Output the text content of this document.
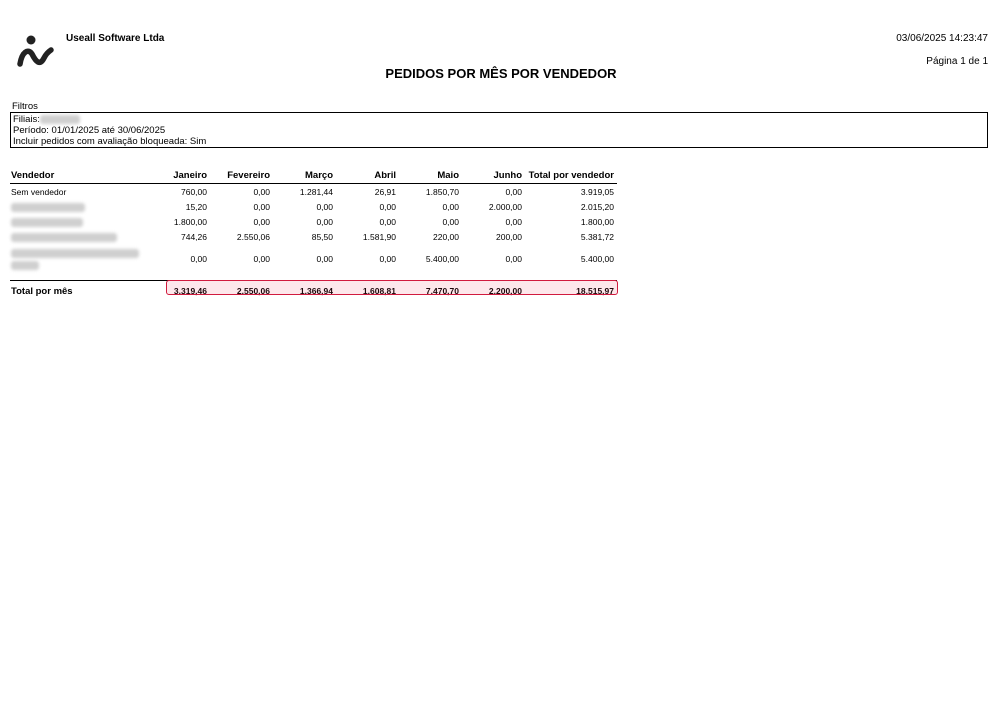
Useall Software Ltda	03/06/2025 14:23:47
Página 1 de 1
PEDIDOS POR MÊS POR VENDEDOR
Filtros
Filiais:
Período: 01/01/2025 até 30/06/2025
Incluir pedidos com avaliação bloqueada: Sim
Vendedor	Janeiro	Fevereiro	Março	Abril	Maio	Junho	Total por vendedor
Sem vendedor	760,00	0,00	1.281,44	26,91	1.850,70	0,00	3.919,05
	15,20	0,00	0,00	0,00	0,00	2.000,00	2.015,20
	1.800,00	0,00	0,00	0,00	0,00	0,00	1.800,00
	744,26	2.550,06	85,50	1.581,90	220,00	200,00	5.381,72

	0,00	0,00	0,00	0,00	5.400,00	0,00	5.400,00

Total por mês	3.319,46	2.550,06	1.366,94	1.608,81	7.470,70	2.200,00	18.515,97
